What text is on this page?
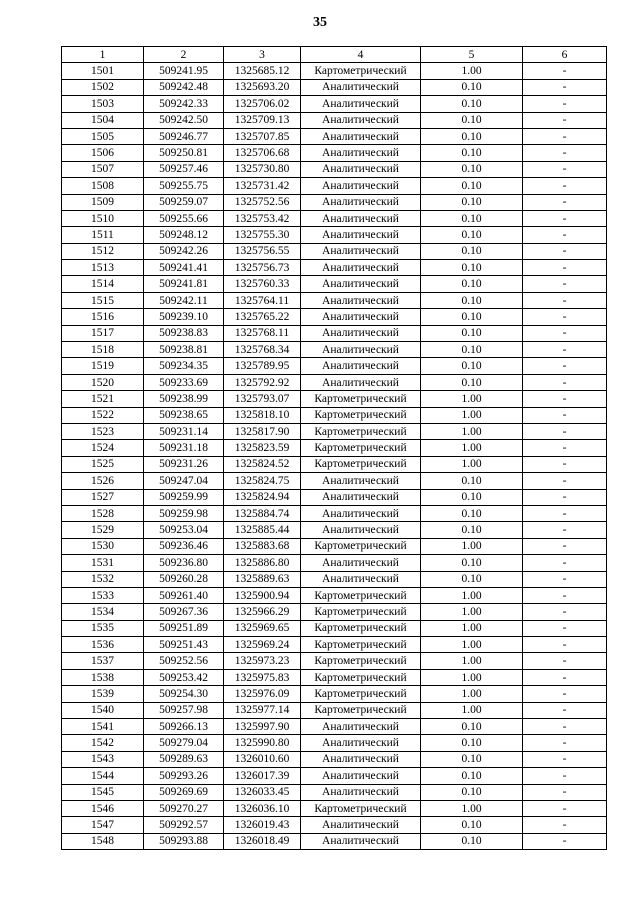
35
1	2	3	4	5	6
1501	509241.95	1325685.12	Картометрический	1.00	-
1502	509242.48	1325693.20	Аналитический	0.10	-
1503	509242.33	1325706.02	Аналитический	0.10	-
1504	509242.50	1325709.13	Аналитический	0.10	-
1505	509246.77	1325707.85	Аналитический	0.10	-
1506	509250.81	1325706.68	Аналитический	0.10	-
1507	509257.46	1325730.80	Аналитический	0.10	-
1508	509255.75	1325731.42	Аналитический	0.10	-
1509	509259.07	1325752.56	Аналитический	0.10	-
1510	509255.66	1325753.42	Аналитический	0.10	-
1511	509248.12	1325755.30	Аналитический	0.10	-
1512	509242.26	1325756.55	Аналитический	0.10	-
1513	509241.41	1325756.73	Аналитический	0.10	-
1514	509241.81	1325760.33	Аналитический	0.10	-
1515	509242.11	1325764.11	Аналитический	0.10	-
1516	509239.10	1325765.22	Аналитический	0.10	-
1517	509238.83	1325768.11	Аналитический	0.10	-
1518	509238.81	1325768.34	Аналитический	0.10	-
1519	509234.35	1325789.95	Аналитический	0.10	-
1520	509233.69	1325792.92	Аналитический	0.10	-
1521	509238.99	1325793.07	Картометрический	1.00	-
1522	509238.65	1325818.10	Картометрический	1.00	-
1523	509231.14	1325817.90	Картометрический	1.00	-
1524	509231.18	1325823.59	Картометрический	1.00	-
1525	509231.26	1325824.52	Картометрический	1.00	-
1526	509247.04	1325824.75	Аналитический	0.10	-
1527	509259.99	1325824.94	Аналитический	0.10	-
1528	509259.98	1325884.74	Аналитический	0.10	-
1529	509253.04	1325885.44	Аналитический	0.10	-
1530	509236.46	1325883.68	Картометрический	1.00	-
1531	509236.80	1325886.80	Аналитический	0.10	-
1532	509260.28	1325889.63	Аналитический	0.10	-
1533	509261.40	1325900.94	Картометрический	1.00	-
1534	509267.36	1325966.29	Картометрический	1.00	-
1535	509251.89	1325969.65	Картометрический	1.00	-
1536	509251.43	1325969.24	Картометрический	1.00	-
1537	509252.56	1325973.23	Картометрический	1.00	-
1538	509253.42	1325975.83	Картометрический	1.00	-
1539	509254.30	1325976.09	Картометрический	1.00	-
1540	509257.98	1325977.14	Картометрический	1.00	-
1541	509266.13	1325997.90	Аналитический	0.10	-
1542	509279.04	1325990.80	Аналитический	0.10	-
1543	509289.63	1326010.60	Аналитический	0.10	-
1544	509293.26	1326017.39	Аналитический	0.10	-
1545	509269.69	1326033.45	Аналитический	0.10	-
1546	509270.27	1326036.10	Картометрический	1.00	-
1547	509292.57	1326019.43	Аналитический	0.10	-
1548	509293.88	1326018.49	Аналитический	0.10	-
